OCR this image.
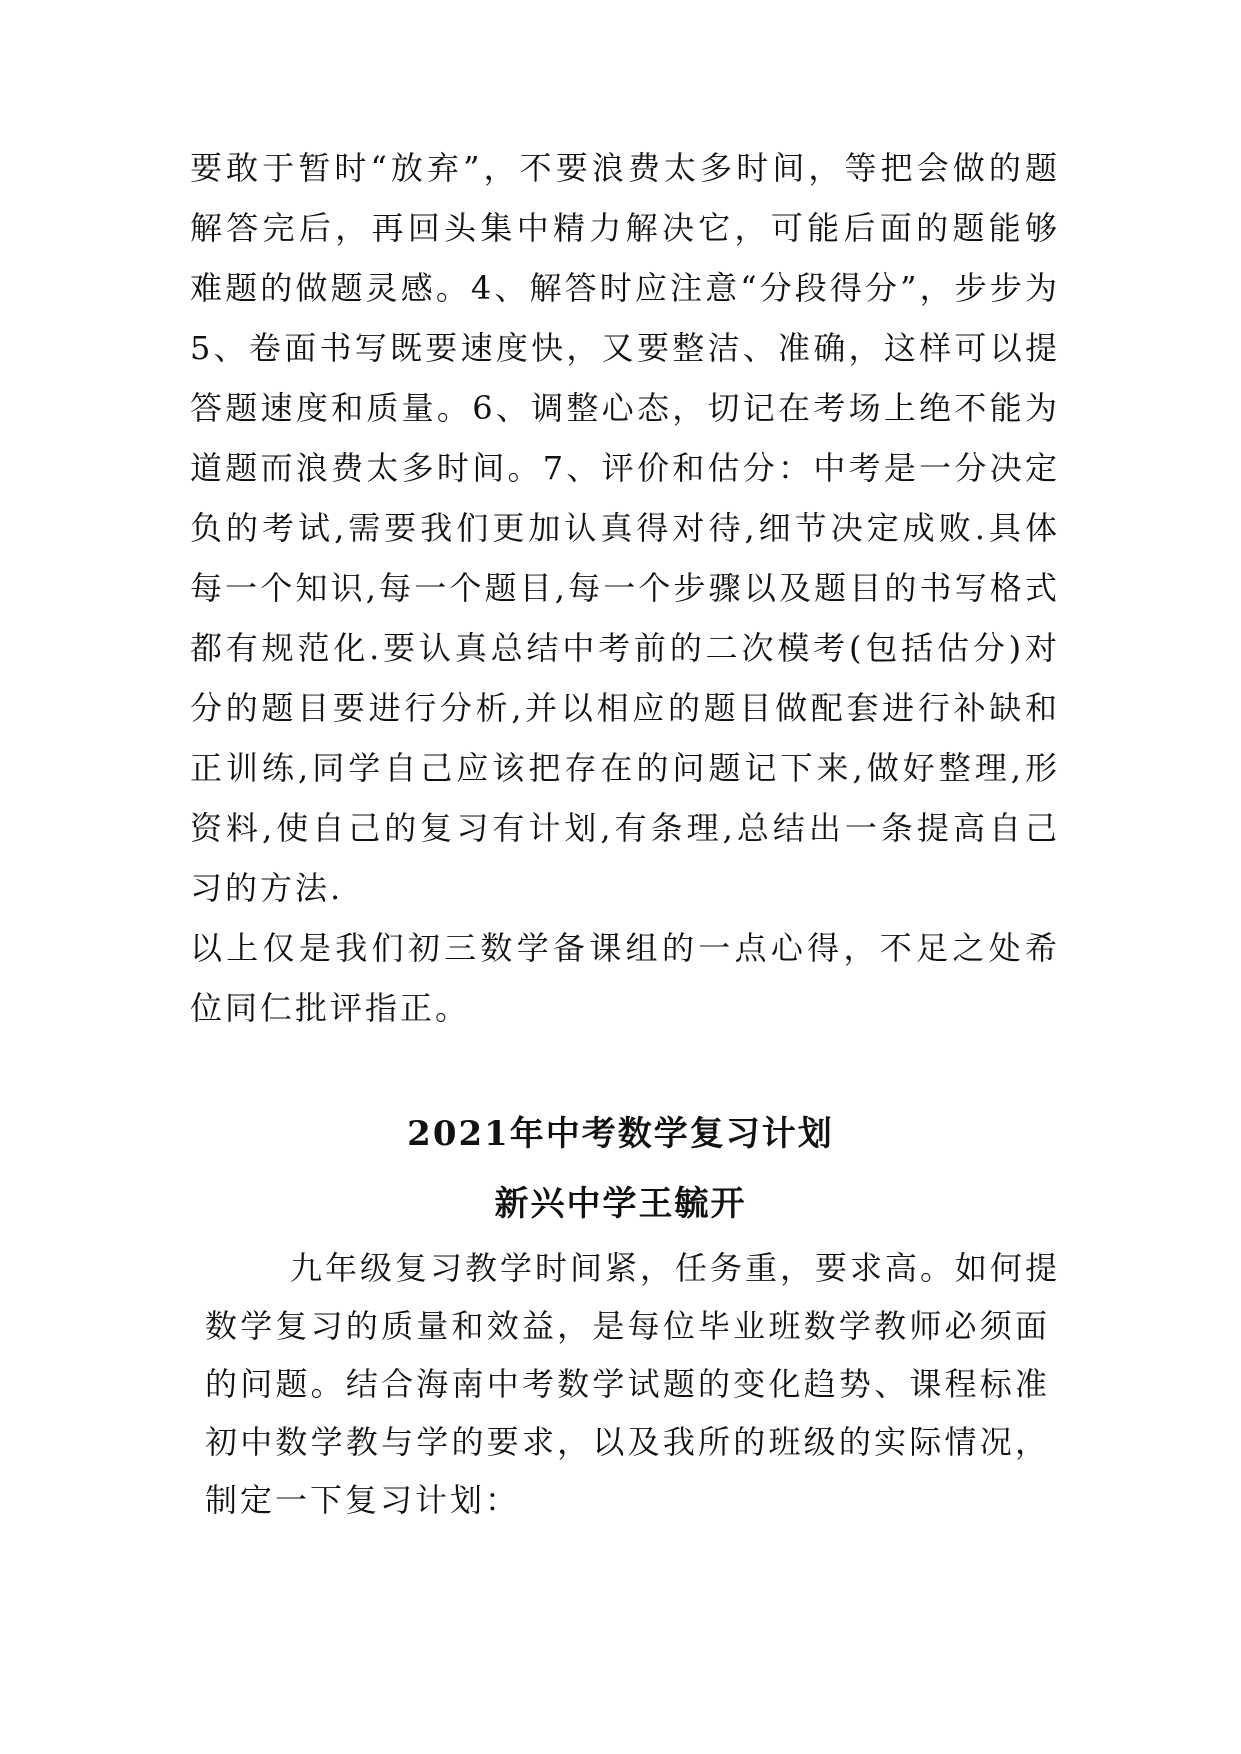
要敢于暂时“放弃”，不要浪费太多时间，等把会做的题
解答完后，再回头集中精力解决它，可能后面的题能够
难题的做题灵感。4、解答时应注意“分段得分”，步步为
5、卷面书写既要速度快，又要整洁、准确，这样可以提
答题速度和质量。6、调整心态，切记在考场上绝不能为
道题而浪费太多时间。7、评价和估分：中考是一分决定
负的考试,需要我们更加认真得对待,细节决定成败.具体
每一个知识,每一个题目,每一个步骤以及题目的书写格式
都有规范化.要认真总结中考前的二次模考(包括估分)对
分的题目要进行分析,并以相应的题目做配套进行补缺和
正训练,同学自己应该把存在的问题记下来,做好整理,形
资料,使自己的复习有计划,有条理,总结出一条提高自己
习的方法.
以上仅是我们初三数学备课组的一点心得，不足之处希
位同仁批评指正。
2021年中考数学复习计划
新兴中学王毓开
九年级复习教学时间紧，任务重，要求高。如何提
数学复习的质量和效益，是每位毕业班数学教师必须面
的问题。结合海南中考数学试题的变化趋势、课程标准
初中数学教与学的要求，以及我所的班级的实际情况，
制定一下复习计划：
